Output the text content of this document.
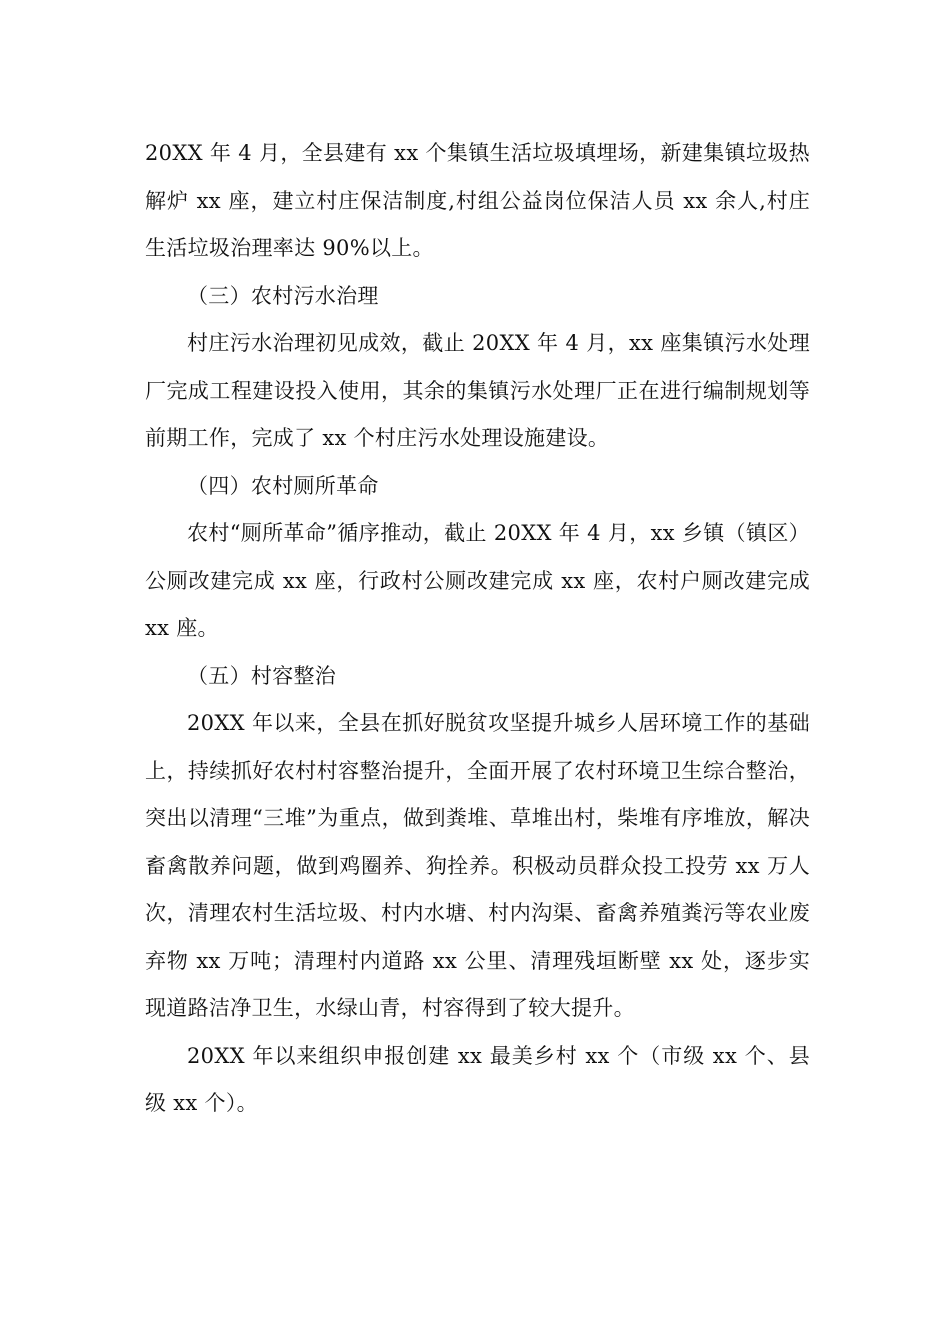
20XX 年 4 月，全县建有 xx 个集镇生活垃圾填埋场，新建集镇垃圾热解炉 xx 座，建立村庄保洁制度,村组公益岗位保洁人员 xx 余人,村庄生活垃圾治理率达 90%以上。

（三）农村污水治理

村庄污水治理初见成效，截止 20XX 年 4 月，xx 座集镇污水处理厂完成工程建设投入使用，其余的集镇污水处理厂正在进行编制规划等前期工作，完成了 xx 个村庄污水处理设施建设。

（四）农村厕所革命

农村“厕所革命”循序推动，截止 20XX 年 4 月，xx 乡镇（镇区）公厕改建完成 xx 座，行政村公厕改建完成 xx 座，农村户厕改建完成 xx 座。

（五）村容整治

20XX 年以来，全县在抓好脱贫攻坚提升城乡人居环境工作的基础上，持续抓好农村村容整治提升，全面开展了农村环境卫生综合整治，突出以清理“三堆”为重点，做到粪堆、草堆出村，柴堆有序堆放，解决畜禽散养问题，做到鸡圈养、狗拴养。积极动员群众投工投劳 xx 万人次，清理农村生活垃圾、村内水塘、村内沟渠、畜禽养殖粪污等农业废弃物 xx 万吨；清理村内道路 xx 公里、清理残垣断壁 xx 处，逐步实现道路洁净卫生，水绿山青，村容得到了较大提升。

20XX 年以来组织申报创建 xx 最美乡村 xx 个（市级 xx 个、县级 xx 个）。
